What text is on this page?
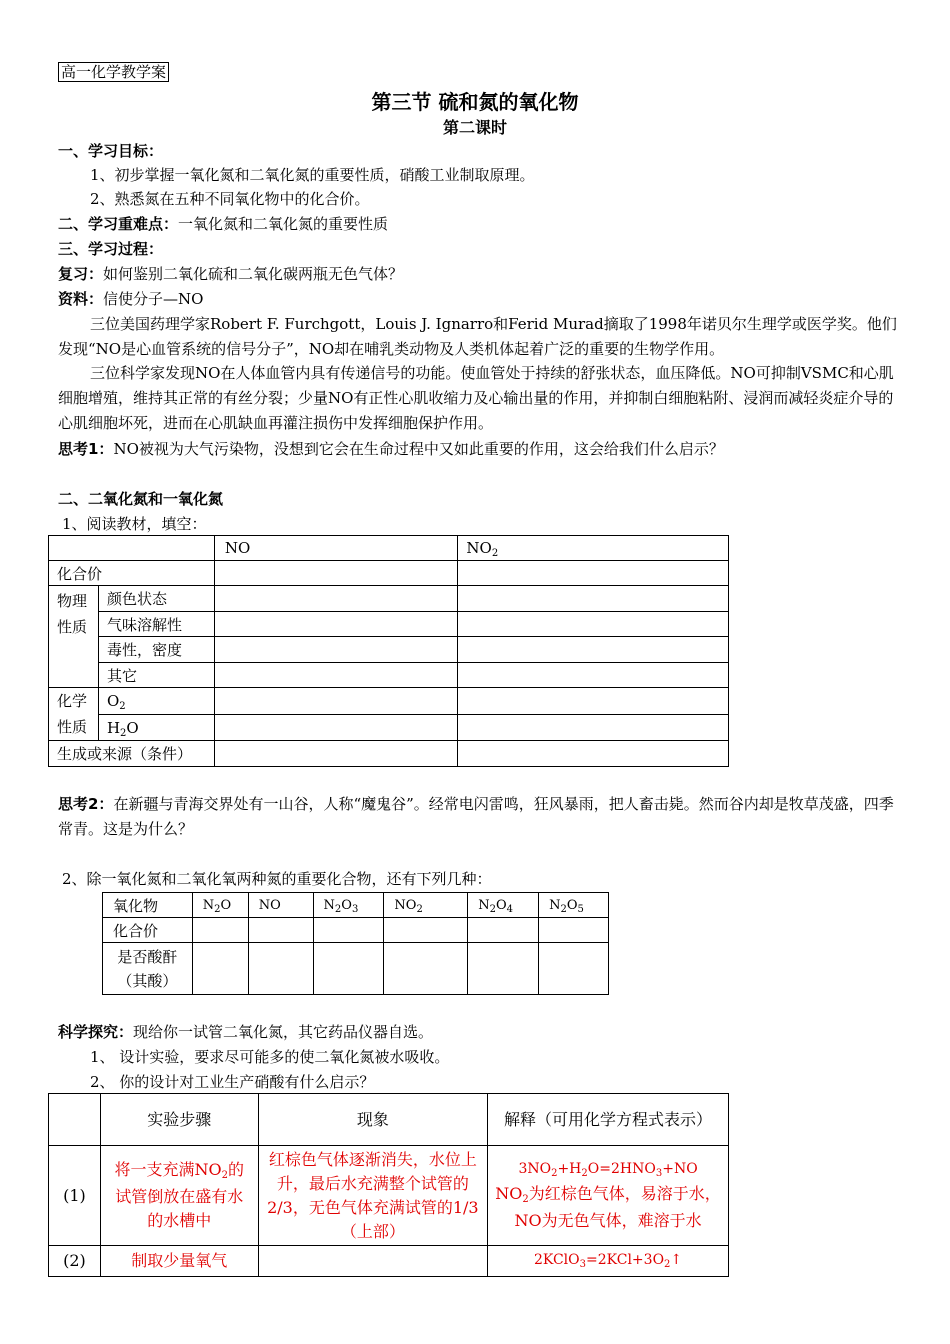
高一化学教学案
第三节 硫和氮的氧化物
第二课时
一、学习目标：
1、初步掌握一氧化氮和二氧化氮的重要性质，硝酸工业制取原理。
2、熟悉氮在五种不同氧化物中的化合价。
二、学习重难点：一氧化氮和二氧化氮的重要性质
三、学习过程：
复习：如何鉴别二氧化硫和二氧化碳两瓶无色气体？
资料：信使分子—NO
三位美国药理学家Robert F. Furchgott，Louis J. Ignarro和Ferid Murad摘取了1998年诺贝尔生理学或医学奖。他们发现“NO是心血管系统的信号分子”，NO却在哺乳类动物及人类机体起着广泛的重要的生物学作用。
三位科学家发现NO在人体血管内具有传递信号的功能。使血管处于持续的舒张状态，血压降低。NO可抑制VSMC和心肌细胞增殖，维持其正常的有丝分裂；少量NO有正性心肌收缩力及心输出量的作用，并抑制白细胞粘附、浸润而减轻炎症介导的心肌细胞坏死，进而在心肌缺血再灌注损伤中发挥细胞保护作用。
思考1：NO被视为大气污染物，没想到它会在生命过程中又如此重要的作用，这会给我们什么启示？
二、二氧化氮和一氧化氮
1、阅读教材，填空：
		NO	$NO_2$
化合价			
物理性质	颜色状态		
	气味溶解性		
	毒性，密度		
	其它		
化学性质	$O_2$		
	$H_2O$		
生成或来源（条件）			
思考2：在新疆与青海交界处有一山谷，人称“魔鬼谷”。经常电闪雷鸣，狂风暴雨，把人畜击毙。然而谷内却是牧草茂盛，四季常青。这是为什么？
2、除一氧化氮和二氧化氧两种氮的重要化合物，还有下列几种：
氧化物	$N_2O$	NO	$N_2O_3$	$NO_2$	$N_2O_4$	$N_2O_5$
化合价						
是否酸酐（其酸）						
科学探究：现给你一试管二氧化氮，其它药品仪器自选。
1、 设计实验，要求尽可能多的使二氧化氮被水吸收。
2、 你的设计对工业生产硝酸有什么启示？
	实验步骤	现象	解释（可用化学方程式表示）
(1)	将一支充满$NO_2$的试管倒放在盛有水的水槽中	红棕色气体逐渐消失，水位上升，最后水充满整个试管的2/3，无色气体充满试管的1/3（上部）	$3NO_2+H_2O=2HNO_3+NO$
$NO_2$为红棕色气体，易溶于水，NO为无色气体，难溶于水

(2)	制取少量氧气		$2KClO_3=2KCl+3O_2↑$
